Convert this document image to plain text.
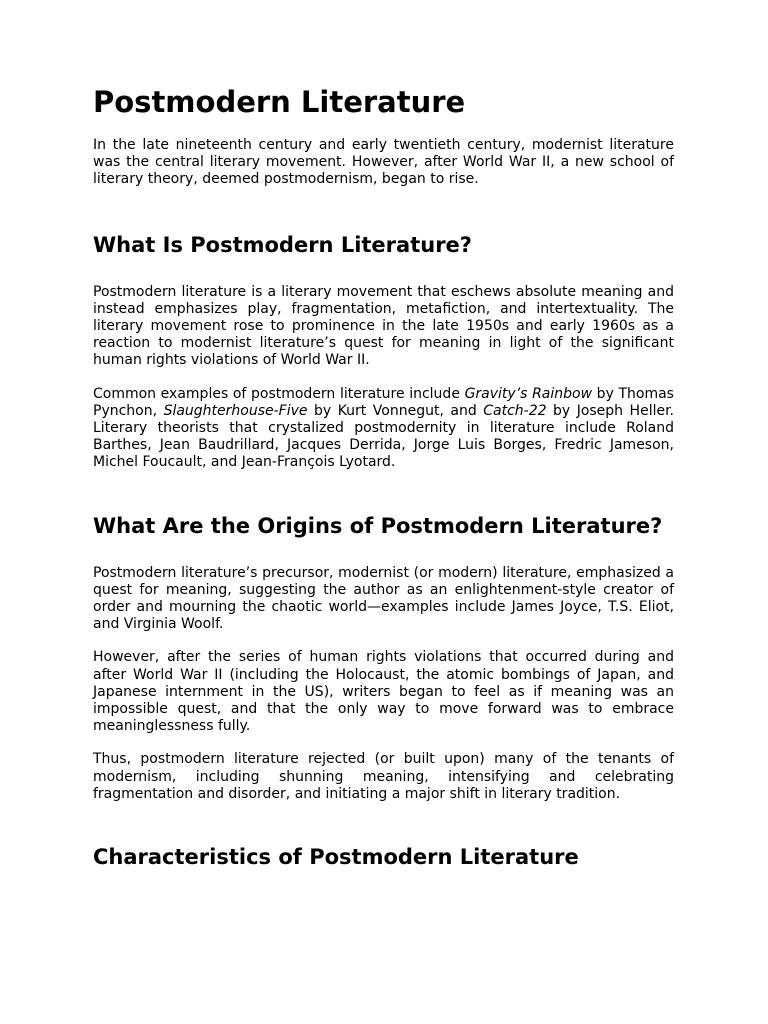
Postmodern Literature

In the late nineteenth century and early twentieth century, modernist literature was the central literary movement. However, after World War II, a new school of literary theory, deemed postmodernism, began to rise.

What Is Postmodern Literature?

Postmodern literature is a literary movement that eschews absolute meaning and instead emphasizes play, fragmentation, metafiction, and intertextuality. The literary movement rose to prominence in the late 1950s and early 1960s as a reaction to modernist literature’s quest for meaning in light of the significant human rights violations of World War II.

Common examples of postmodern literature include Gravity’s Rainbow by Thomas Pynchon, Slaughterhouse-Five by Kurt Vonnegut, and Catch-22 by Joseph Heller. Literary theorists that crystalized postmodernity in literature include Roland Barthes, Jean Baudrillard, Jacques Derrida, Jorge Luis Borges, Fredric Jameson, Michel Foucault, and Jean-François Lyotard.

What Are the Origins of Postmodern Literature?

Postmodern literature’s precursor, modernist (or modern) literature, emphasized a quest for meaning, suggesting the author as an enlightenment-style creator of order and mourning the chaotic world—examples include James Joyce, T.S. Eliot, and Virginia Woolf.

However, after the series of human rights violations that occurred during and after World War II (including the Holocaust, the atomic bombings of Japan, and Japanese internment in the US), writers began to feel as if meaning was an impossible quest, and that the only way to move forward was to embrace meaninglessness fully.

Thus, postmodern literature rejected (or built upon) many of the tenants of modernism, including shunning meaning, intensifying and celebrating fragmentation and disorder, and initiating a major shift in literary tradition.

Characteristics of Postmodern Literature
